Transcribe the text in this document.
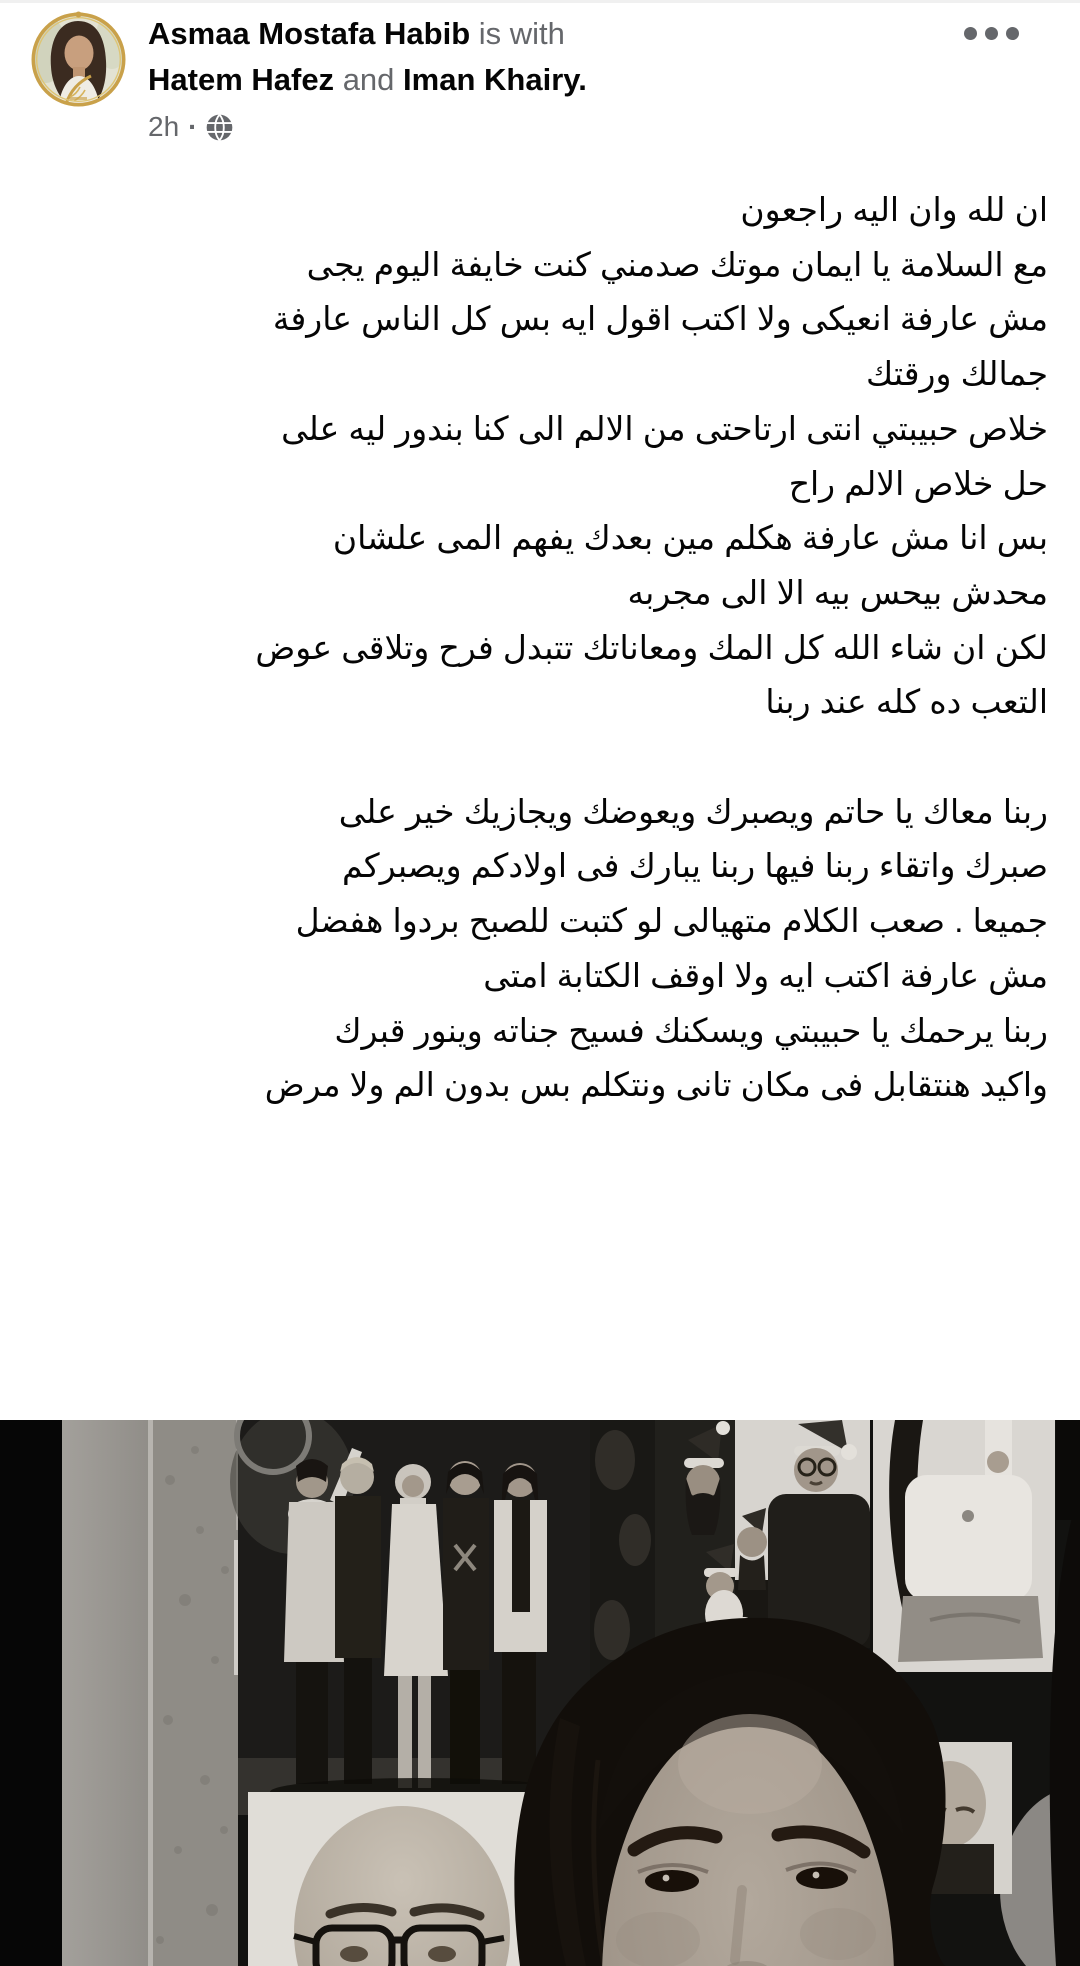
Asmaa Mostafa Habib is with
Hatem Hafez and Iman Khairy.
2h ·
ان لله وان اليه راجعون
مع السلامة يا ايمان موتك صدمني كنت خايفة اليوم يجى
مش عارفة انعيكى ولا اكتب اقول ايه بس كل الناس عارفة
جمالك ورقتك
خلاص حبيبتي انتى ارتاحتى من الالم الى كنا بندور ليه على
حل خلاص الالم راح
بس انا مش عارفة هكلم مين بعدك يفهم المى علشان
محدش بيحس بيه الا الى مجربه
لكن ان شاء الله كل المك ومعاناتك تتبدل فرح وتلاقى عوض
التعب ده كله عند ربنا
ربنا معاك يا حاتم ويصبرك ويعوضك ويجازيك خير على
صبرك واتقاء ربنا فيها ربنا يبارك فى اولادكم ويصبركم
جميعا . صعب الكلام متهيالى لو كتبت للصبح بردوا هفضل
مش عارفة اكتب ايه ولا اوقف الكتابة امتى
ربنا يرحمك يا حبيبتي ويسكنك فسيح جناته وينور قبرك
واكيد هنتقابل فى مكان تانى ونتكلم بس بدون الم ولا مرض
